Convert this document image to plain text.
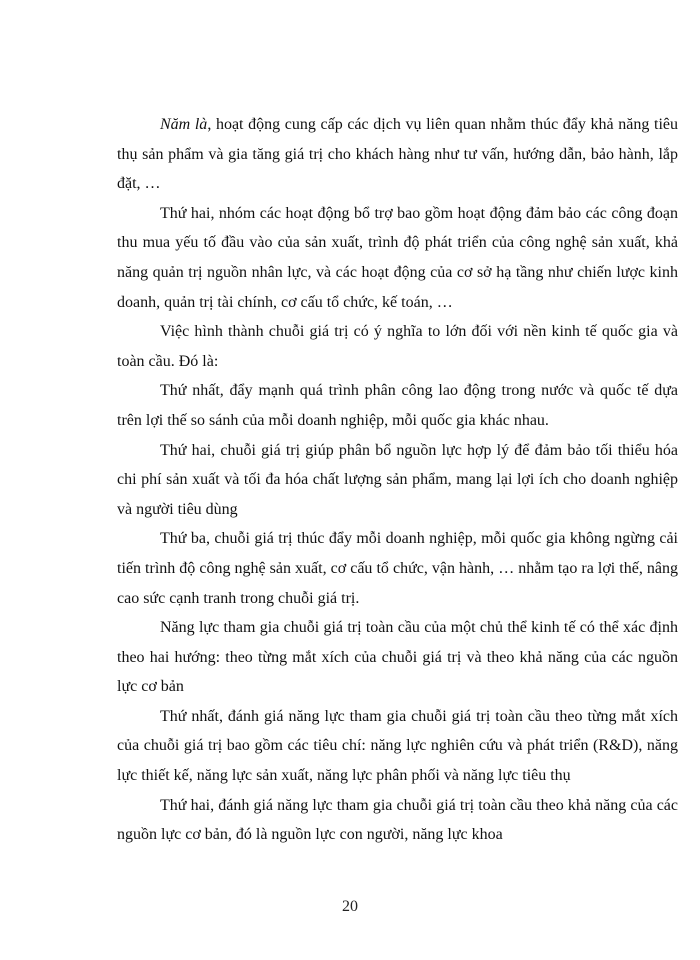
Năm là, hoạt động cung cấp các dịch vụ liên quan nhằm thúc đẩy khả năng tiêu thụ sản phẩm và gia tăng giá trị cho khách hàng như tư vấn, hướng dẫn, bảo hành, lắp đặt, …

Thứ hai, nhóm các hoạt động bổ trợ bao gồm hoạt động đảm bảo các công đoạn thu mua yếu tố đầu vào của sản xuất, trình độ phát triển của công nghệ sản xuất, khả năng quản trị nguồn nhân lực, và các hoạt động của cơ sở hạ tầng như chiến lược kinh doanh, quản trị tài chính, cơ cấu tổ chức, kế toán, …

Việc hình thành chuỗi giá trị có ý nghĩa to lớn đối với nền kinh tế quốc gia và toàn cầu. Đó là:

Thứ nhất, đẩy mạnh quá trình phân công lao động trong nước và quốc tế dựa trên lợi thế so sánh của mỗi doanh nghiệp, mỗi quốc gia khác nhau.

Thứ hai, chuỗi giá trị giúp phân bổ nguồn lực hợp lý để đảm bảo tối thiểu hóa chi phí sản xuất và tối đa hóa chất lượng sản phẩm, mang lại lợi ích cho doanh nghiệp và người tiêu dùng

Thứ ba, chuỗi giá trị thúc đẩy mỗi doanh nghiệp, mỗi quốc gia không ngừng cải tiến trình độ công nghệ sản xuất, cơ cấu tổ chức, vận hành, … nhằm tạo ra lợi thế, nâng cao sức cạnh tranh trong chuỗi giá trị.

Năng lực tham gia chuỗi giá trị toàn cầu của một chủ thể kinh tế có thể xác định theo hai hướng: theo từng mắt xích của chuỗi giá trị và theo khả năng của các nguồn lực cơ bản

Thứ nhất, đánh giá năng lực tham gia chuỗi giá trị toàn cầu theo từng mắt xích của chuỗi giá trị bao gồm các tiêu chí: năng lực nghiên cứu và phát triển (R&D), năng lực thiết kế, năng lực sản xuất, năng lực phân phối và năng lực tiêu thụ

Thứ hai, đánh giá năng lực tham gia chuỗi giá trị toàn cầu theo khả năng của các nguồn lực cơ bản, đó là nguồn lực con người, năng lực khoa

20
